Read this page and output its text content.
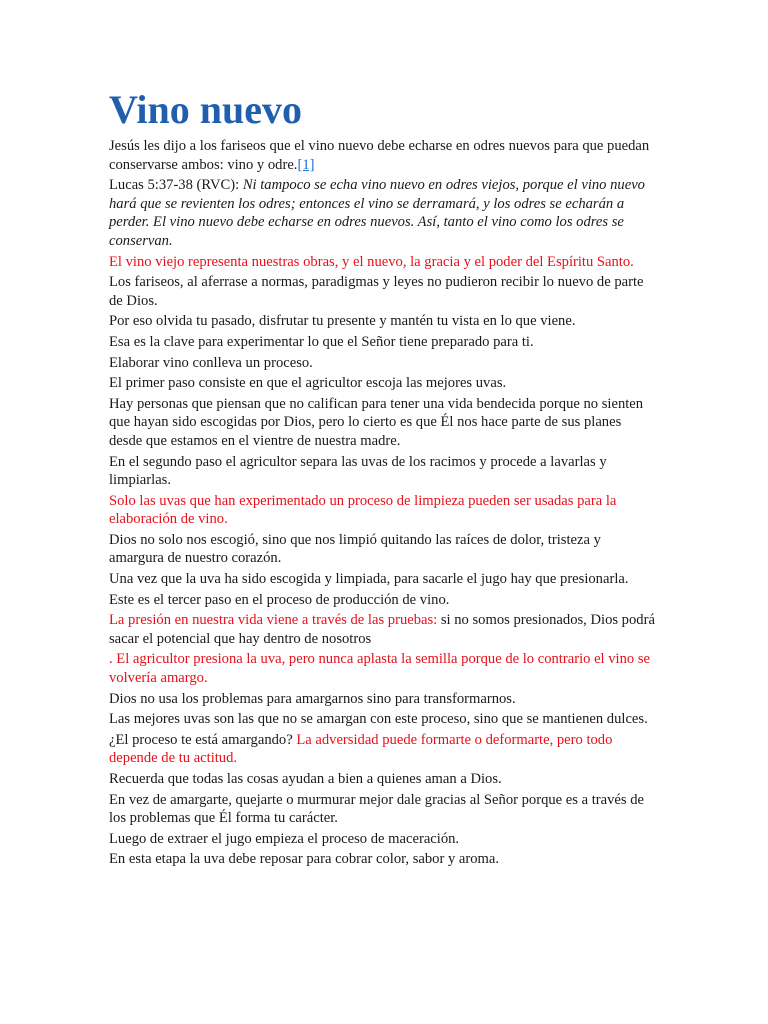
Vino nuevo

Jesús les dijo a los fariseos que el vino nuevo debe echarse en odres nuevos para que puedan conservarse ambos: vino y odre.[1]

Lucas 5:37-38 (RVC): Ni tampoco se echa vino nuevo en odres viejos, porque el vino nuevo hará que se revienten los odres; entonces el vino se derramará, y los odres se echarán a perder. El vino nuevo debe echarse en odres nuevos. Así, tanto el vino como los odres se conservan.

El vino viejo representa nuestras obras, y el nuevo, la gracia y el poder del Espíritu Santo.

Los fariseos, al aferrase a normas, paradigmas y leyes no pudieron recibir lo nuevo de parte de Dios.

Por eso olvida tu pasado, disfrutar tu presente y mantén tu vista en lo que viene.

Esa es la clave para experimentar lo que el Señor tiene preparado para ti.

Elaborar vino conlleva un proceso.

El primer paso consiste en que el agricultor escoja las mejores uvas.

Hay personas que piensan que no califican para tener una vida bendecida porque no sienten que hayan sido escogidas por Dios, pero lo cierto es que Él nos hace parte de sus planes desde que estamos en el vientre de nuestra madre.

En el segundo paso el agricultor separa las uvas de los racimos y procede a lavarlas y limpiarlas.

Solo las uvas que han experimentado un proceso de limpieza pueden ser usadas para la elaboración de vino.

Dios no solo nos escogió, sino que nos limpió quitando las raíces de dolor, tristeza y amargura de nuestro corazón.

Una vez que la uva ha sido escogida y limpiada, para sacarle el jugo hay que presionarla.

Este es el tercer paso en el proceso de producción de vino.

La presión en nuestra vida viene a través de las pruebas: si no somos presionados, Dios podrá sacar el potencial que hay dentro de nosotros

. El agricultor presiona la uva, pero nunca aplasta la semilla porque de lo contrario el vino se volvería amargo.

Dios no usa los problemas para amargarnos sino para transformarnos.

Las mejores uvas son las que no se amargan con este proceso, sino que se mantienen dulces.

¿El proceso te está amargando? La adversidad puede formarte o deformarte, pero todo depende de tu actitud.

Recuerda que todas las cosas ayudan a bien a quienes aman a Dios.

En vez de amargarte, quejarte o murmurar mejor dale gracias al Señor porque es a través de los problemas que Él forma tu carácter.

Luego de extraer el jugo empieza el proceso de maceración.

En esta etapa la uva debe reposar para cobrar color, sabor y aroma.
